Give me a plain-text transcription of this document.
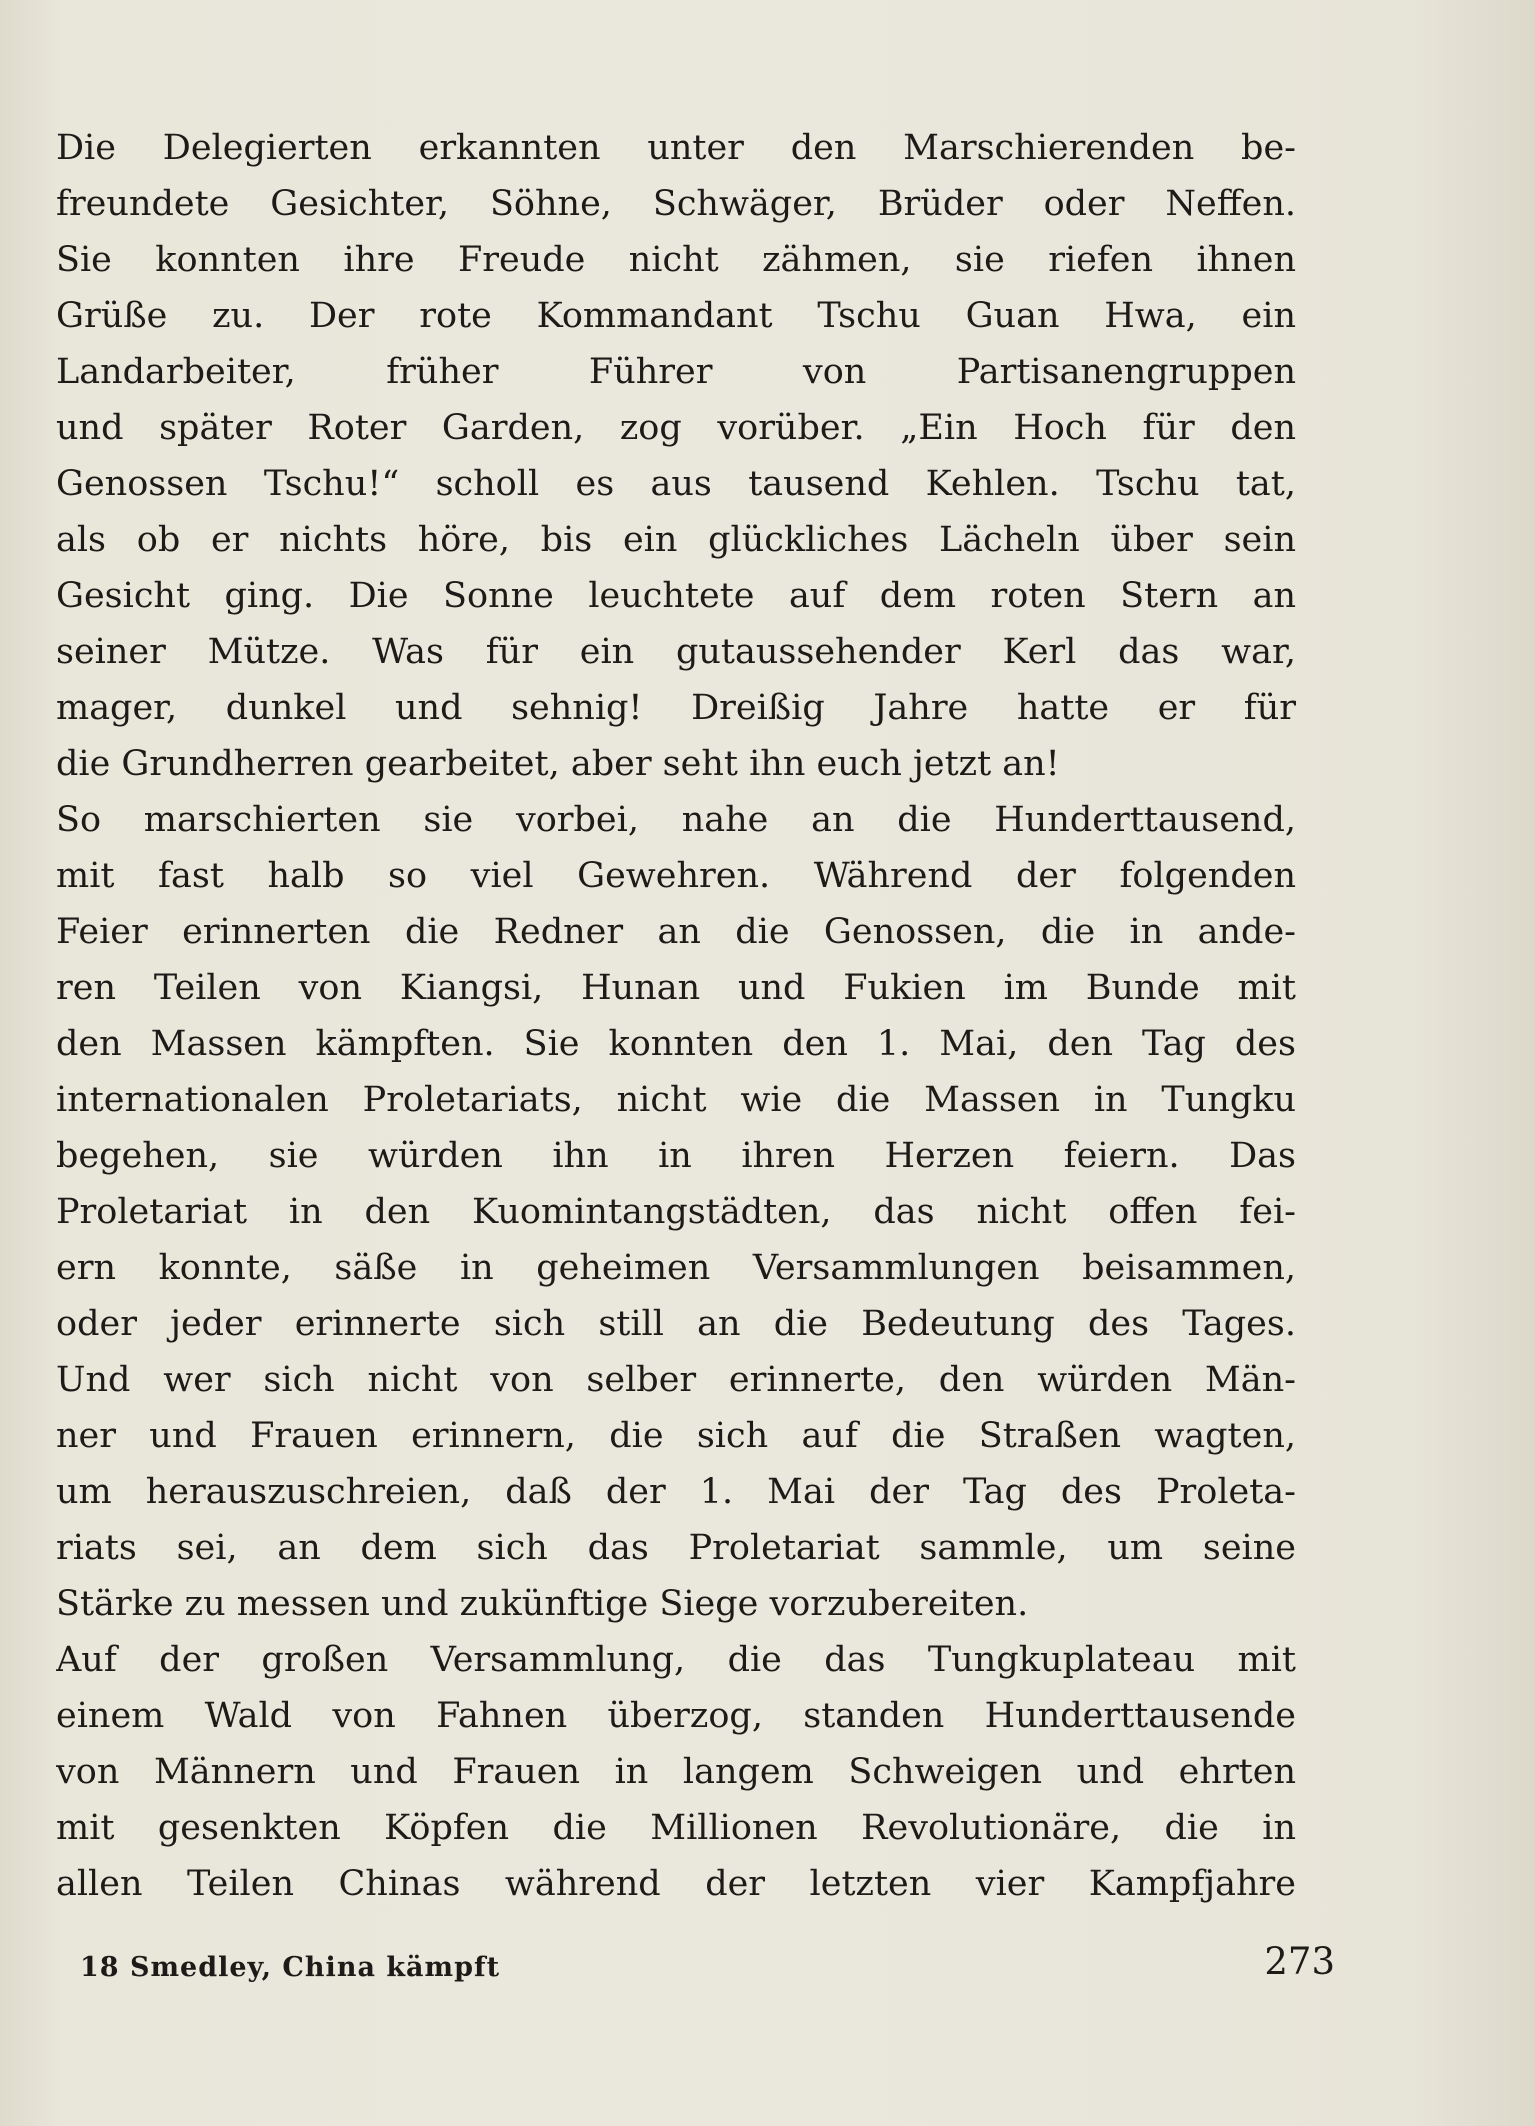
Die Delegierten erkannten unter den Marschierenden be-
freundete Gesichter, Söhne, Schwäger, Brüder oder Neffen.
Sie konnten ihre Freude nicht zähmen, sie riefen ihnen
Grüße zu. Der rote Kommandant Tschu Guan Hwa, ein
Landarbeiter, früher Führer von Partisanengruppen
und später Roter Garden, zog vorüber. „Ein Hoch für den
Genossen Tschu!“ scholl es aus tausend Kehlen. Tschu tat,
als ob er nichts höre, bis ein glückliches Lächeln über sein
Gesicht ging. Die Sonne leuchtete auf dem roten Stern an
seiner Mütze. Was für ein gutaussehender Kerl das war,
mager, dunkel und sehnig! Dreißig Jahre hatte er für
die Grundherren gearbeitet, aber seht ihn euch jetzt an!
So marschierten sie vorbei, nahe an die Hunderttausend,
mit fast halb so viel Gewehren. Während der folgenden
Feier erinnerten die Redner an die Genossen, die in ande-
ren Teilen von Kiangsi, Hunan und Fukien im Bunde mit
den Massen kämpften. Sie konnten den 1. Mai, den Tag des
internationalen Proletariats, nicht wie die Massen in Tungku
begehen, sie würden ihn in ihren Herzen feiern. Das
Proletariat in den Kuomintangstädten, das nicht offen fei-
ern konnte, säße in geheimen Versammlungen beisammen,
oder jeder erinnerte sich still an die Bedeutung des Tages.
Und wer sich nicht von selber erinnerte, den würden Män-
ner und Frauen erinnern, die sich auf die Straßen wagten,
um herauszuschreien, daß der 1. Mai der Tag des Proleta-
riats sei, an dem sich das Proletariat sammle, um seine
Stärke zu messen und zukünftige Siege vorzubereiten.
Auf der großen Versammlung, die das Tungkuplateau mit
einem Wald von Fahnen überzog, standen Hunderttausende
von Männern und Frauen in langem Schweigen und ehrten
mit gesenkten Köpfen die Millionen Revolutionäre, die in
allen Teilen Chinas während der letzten vier Kampfjahre
18 Smedley, China kämpft	273
